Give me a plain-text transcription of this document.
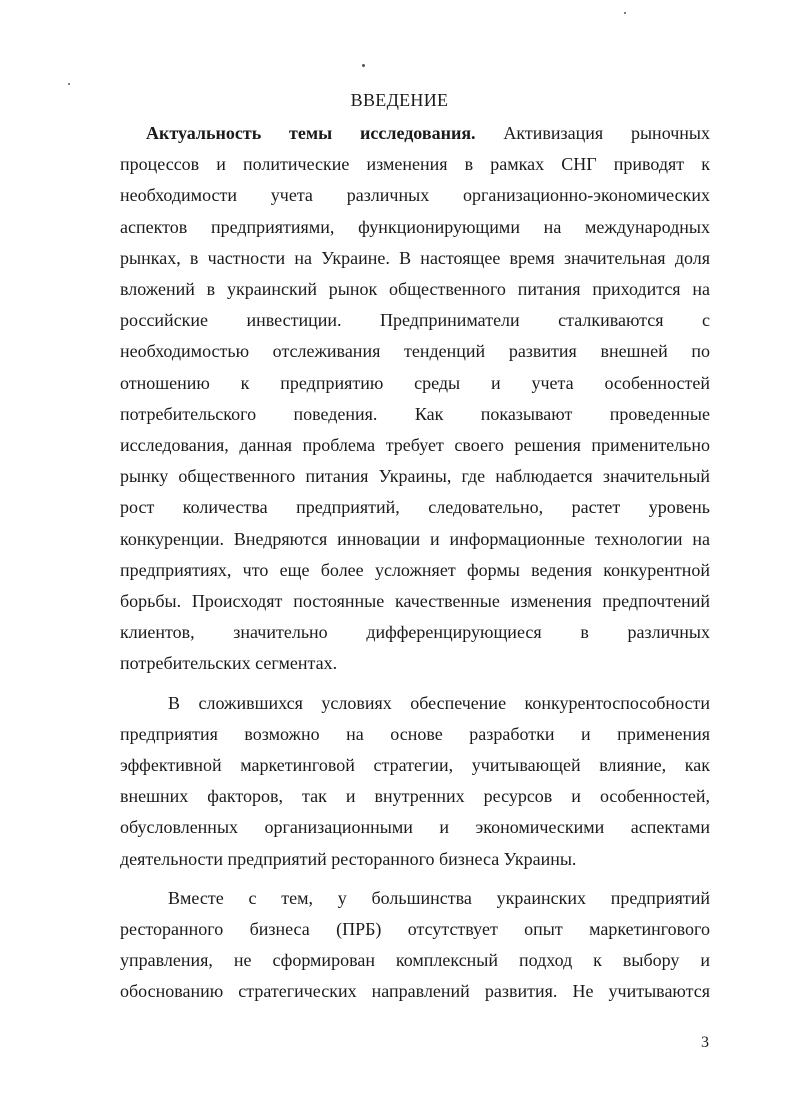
ВВЕДЕНИЕ
Актуальность темы исследования. Активизация рыночных
процессов и политические изменения в рамках СНГ приводят к
необходимости учета различных организационно-экономических
аспектов предприятиями, функционирующими на международных
рынках, в частности на Украине. В настоящее время значительная доля
вложений в украинский рынок общественного питания приходится на
российские инвестиции. Предприниматели сталкиваются с
необходимостью отслеживания тенденций развития внешней по
отношению к предприятию среды и учета особенностей
потребительского поведения. Как показывают проведенные
исследования, данная проблема требует своего решения применительно
рынку общественного питания Украины, где наблюдается значительный
рост количества предприятий, следовательно, растет уровень
конкуренции. Внедряются инновации и информационные технологии на
предприятиях, что еще более усложняет формы ведения конкурентной
борьбы. Происходят постоянные качественные изменения предпочтений
клиентов, значительно дифференцирующиеся в различных
потребительских сегментах.
В сложившихся условиях обеспечение конкурентоспособности
предприятия возможно на основе разработки и применения
эффективной маркетинговой стратегии, учитывающей влияние, как
внешних факторов, так и внутренних ресурсов и особенностей,
обусловленных организационными и экономическими аспектами
деятельности предприятий ресторанного бизнеса Украины.
Вместе с тем, у большинства украинских предприятий
ресторанного бизнеса (ПРБ) отсутствует опыт маркетингового
управления, не сформирован комплексный подход к выбору и
обоснованию стратегических направлений развития. Не учитываются
3
